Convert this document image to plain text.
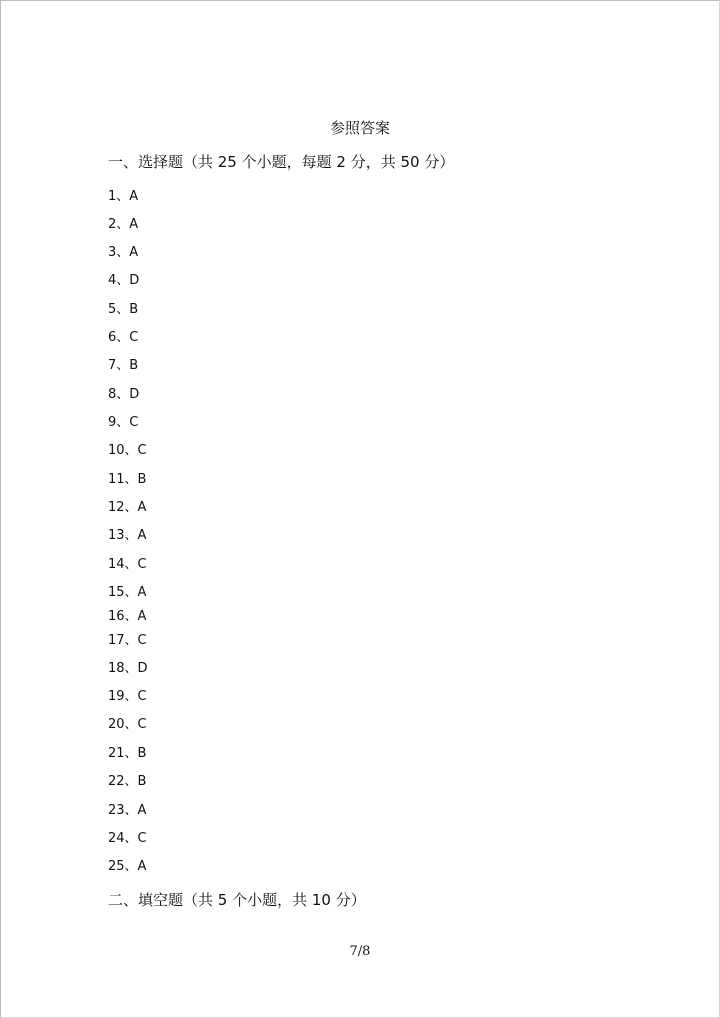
参照答案
一、选择题（共 25 个小题，每题 2 分，共 50 分）
1、A
2、A
3、A
4、D
5、B
6、C
7、B
8、D
9、C
10、C
11、B
12、A
13、A
14、C
15、A
16、A
17、C
18、D
19、C
20、C
21、B
22、B
23、A
24、C
25、A
二、填空题（共 5 个小题，共 10 分）
7/8
